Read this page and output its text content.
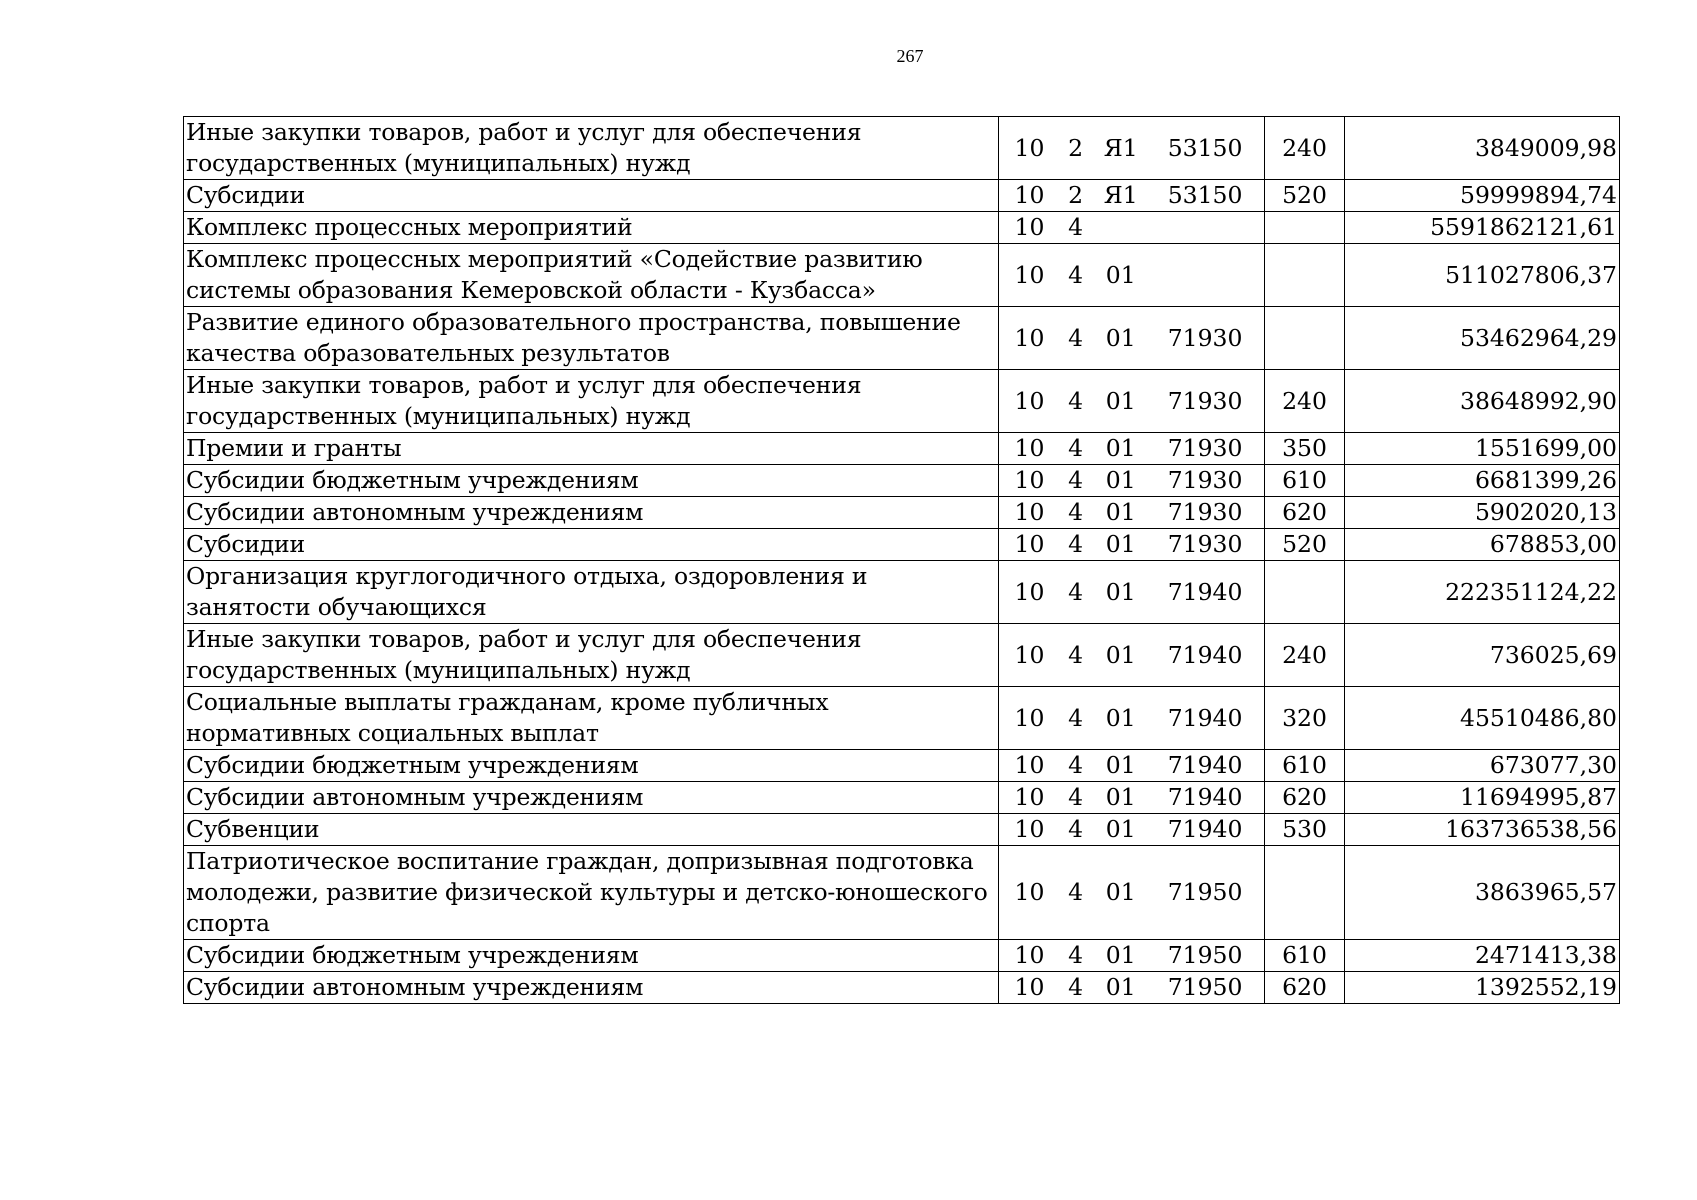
267
Иные закупки товаров, работ и услуг для обеспечения государственных (муниципальных) нужд	10 2 Я1 53150	240	3849009,98
Субсидии	10 2 Я1 53150	520	59999894,74
Комплекс процессных мероприятий	10 4		5591862121,61
Комплекс процессных мероприятий «Содействие развитию системы образования Кемеровской области - Кузбасса»	10 4 01		511027806,37
Развитие единого образовательного пространства, повышение качества образовательных результатов	10 4 01 71930		53462964,29
Иные закупки товаров, работ и услуг для обеспечения государственных (муниципальных) нужд	10 4 01 71930	240	38648992,90
Премии и гранты	10 4 01 71930	350	1551699,00
Субсидии бюджетным учреждениям	10 4 01 71930	610	6681399,26
Субсидии автономным учреждениям	10 4 01 71930	620	5902020,13
Субсидии	10 4 01 71930	520	678853,00
Организация круглогодичного отдыха, оздоровления и занятости обучающихся	10 4 01 71940		222351124,22
Иные закупки товаров, работ и услуг для обеспечения государственных (муниципальных) нужд	10 4 01 71940	240	736025,69
Социальные выплаты гражданам, кроме публичных нормативных социальных выплат	10 4 01 71940	320	45510486,80
Субсидии бюджетным учреждениям	10 4 01 71940	610	673077,30
Субсидии автономным учреждениям	10 4 01 71940	620	11694995,87
Субвенции	10 4 01 71940	530	163736538,56
Патриотическое воспитание граждан, допризывная подготовка молодежи, развитие физической культуры и детско-юношеского спорта	10 4 01 71950		3863965,57
Субсидии бюджетным учреждениям	10 4 01 71950	610	2471413,38
Субсидии автономным учреждениям	10 4 01 71950	620	1392552,19
